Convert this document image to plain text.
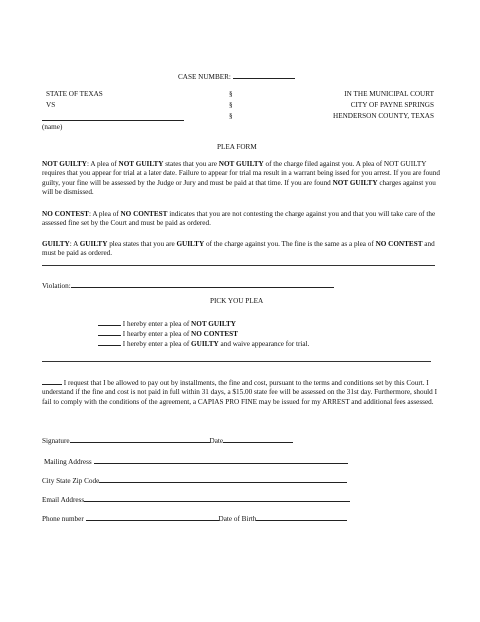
CASE NUMBER:
STATE OF TEXAS
VS
(name)
§
§
§
IN THE MUNICIPAL COURT
CITY OF PAYNE SPRINGS
HENDERSON COUNTY, TEXAS
PLEA FORM

NOT GUILTY: A plea of NOT GUILTY states that you are NOT GUILTY of the charge filed against you. A plea of NOT GUILTY requires that you appear for trial at a later date. Failure to appear for trial ma result in a warrant being issed for you arrest. If you are found guilty, your fine will be assessed by the Judge or Jury and must be paid at that time. If you are found NOT GUILTY charges against you will be dismissed.

NO CONTEST: A plea of NO CONTEST indicates that you are not contesting the charge against you and that you will take care of the assessed fine set by the Court and must be paid as ordered.

GUILTY: A GUILTY plea states that you are GUILTY of the charge against you. The fine is the same as a plea of NO CONTEST and must be paid as ordered.

Violation:
PICK YOU PLEA
I hereby enter a plea of NOT GUILTY
I hearby enter a plea of NO CONTEST
I hereby enter a plea of GUILTY and waive appearance for trial.

I request that I be allowed to pay out by installments, the fine and cost, pursuant to the terms and conditions set by this Court. I understand if the fine and cost is not paid in full within 31 days, a $15.00 state fee will be assessed on the 31st day. Furthermore, should I fail to comply with the conditions of the agreement, a CAPIAS PRO FINE may be issued for my ARREST and additional fees assessed.

Signature	Date
Mailing Address
City State Zip Code
Email Address
Phone number	Date of Birth
